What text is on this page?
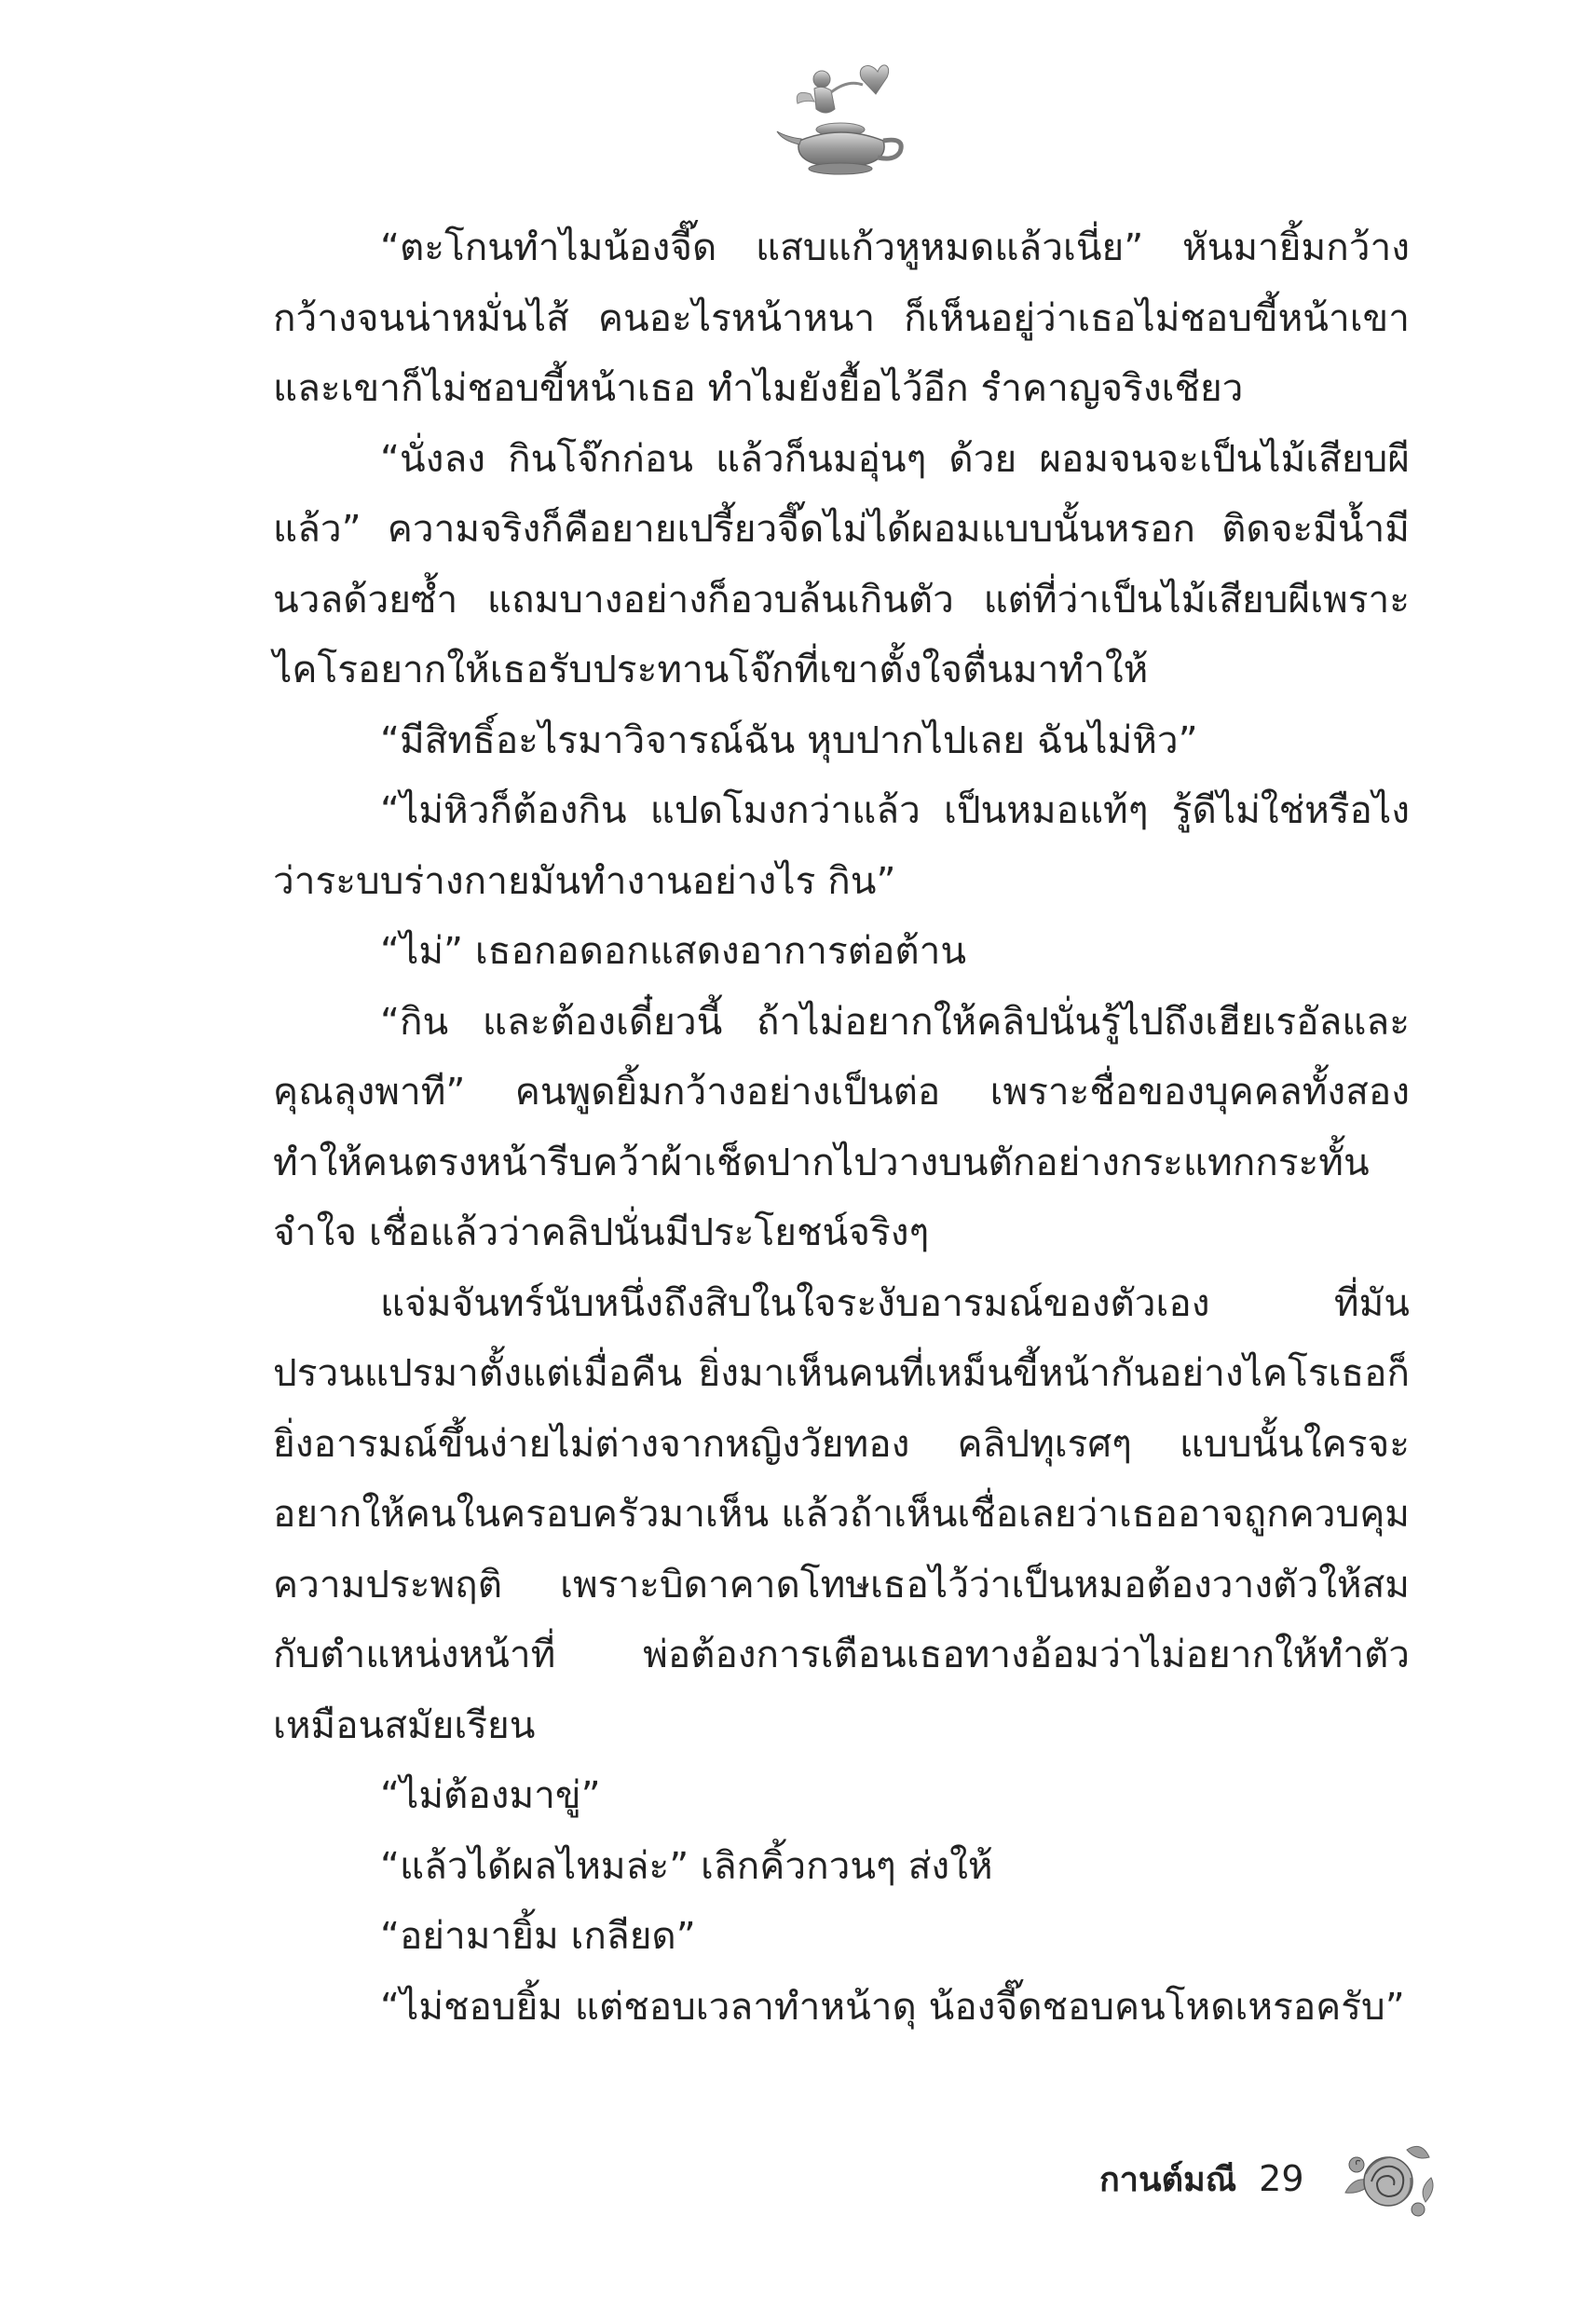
“ตะโกนทำไมน้องจี๊ด แสบแก้วหูหมดแล้วเนี่ย” หันมายิ้มกว้างกว้างจนน่าหมั่นไส้ คนอะไรหน้าหนา ก็เห็นอยู่ว่าเธอไม่ชอบขี้หน้าเขาและเขาก็ไม่ชอบขี้หน้าเธอ ทำไมยังยื้อไว้อีก รำคาญจริงเชียว

“นั่งลง กินโจ๊กก่อน แล้วก็นมอุ่นๆ ด้วย ผอมจนจะเป็นไม้เสียบผีแล้ว” ความจริงก็คือยายเปรี้ยวจี๊ดไม่ได้ผอมแบบนั้นหรอก ติดจะมีน้ำมีนวลด้วยซ้ำ แถมบางอย่างก็อวบล้นเกินตัว แต่ที่ว่าเป็นไม้เสียบผีเพราะไคโรอยากให้เธอรับประทานโจ๊กที่เขาตั้งใจตื่นมาทำให้

“มีสิทธิ์อะไรมาวิจารณ์ฉัน หุบปากไปเลย ฉันไม่หิว”

“ไม่หิวก็ต้องกิน แปดโมงกว่าแล้ว เป็นหมอแท้ๆ รู้ดีไม่ใช่หรือไงว่าระบบร่างกายมันทำงานอย่างไร กิน”

“ไม่” เธอกอดอกแสดงอาการต่อต้าน

“กิน และต้องเดี๋ยวนี้ ถ้าไม่อยากให้คลิปนั่นรู้ไปถึงเฮียเรอัลและคุณลุงพาที” คนพูดยิ้มกว้างอย่างเป็นต่อ เพราะชื่อของบุคคลทั้งสองทำให้คนตรงหน้ารีบคว้าผ้าเช็ดปากไปวางบนตักอย่างกระแทกกระทั้นจำใจ เชื่อแล้วว่าคลิปนั่นมีประโยชน์จริงๆ

แจ่มจันทร์นับหนึ่งถึงสิบในใจระงับอารมณ์ของตัวเอง ที่มันปรวนแปรมาตั้งแต่เมื่อคืน ยิ่งมาเห็นคนที่เหม็นขี้หน้ากันอย่างไคโรเธอก็ยิ่งอารมณ์ขึ้นง่ายไม่ต่างจากหญิงวัยทอง คลิปทุเรศๆ แบบนั้นใครจะอยากให้คนในครอบครัวมาเห็น แล้วถ้าเห็นเชื่อเลยว่าเธออาจถูกควบคุมความประพฤติ เพราะบิดาคาดโทษเธอไว้ว่าเป็นหมอต้องวางตัวให้สมกับตำแหน่งหน้าที่ พ่อต้องการเตือนเธอทางอ้อมว่าไม่อยากให้ทำตัวเหมือนสมัยเรียน

“ไม่ต้องมาขู่”

“แล้วได้ผลไหมล่ะ” เลิกคิ้วกวนๆ ส่งให้

“อย่ามายิ้ม เกลียด”

“ไม่ชอบยิ้ม แต่ชอบเวลาทำหน้าดุ น้องจี๊ดชอบคนโหดเหรอครับ”

กานต์มณี 29
